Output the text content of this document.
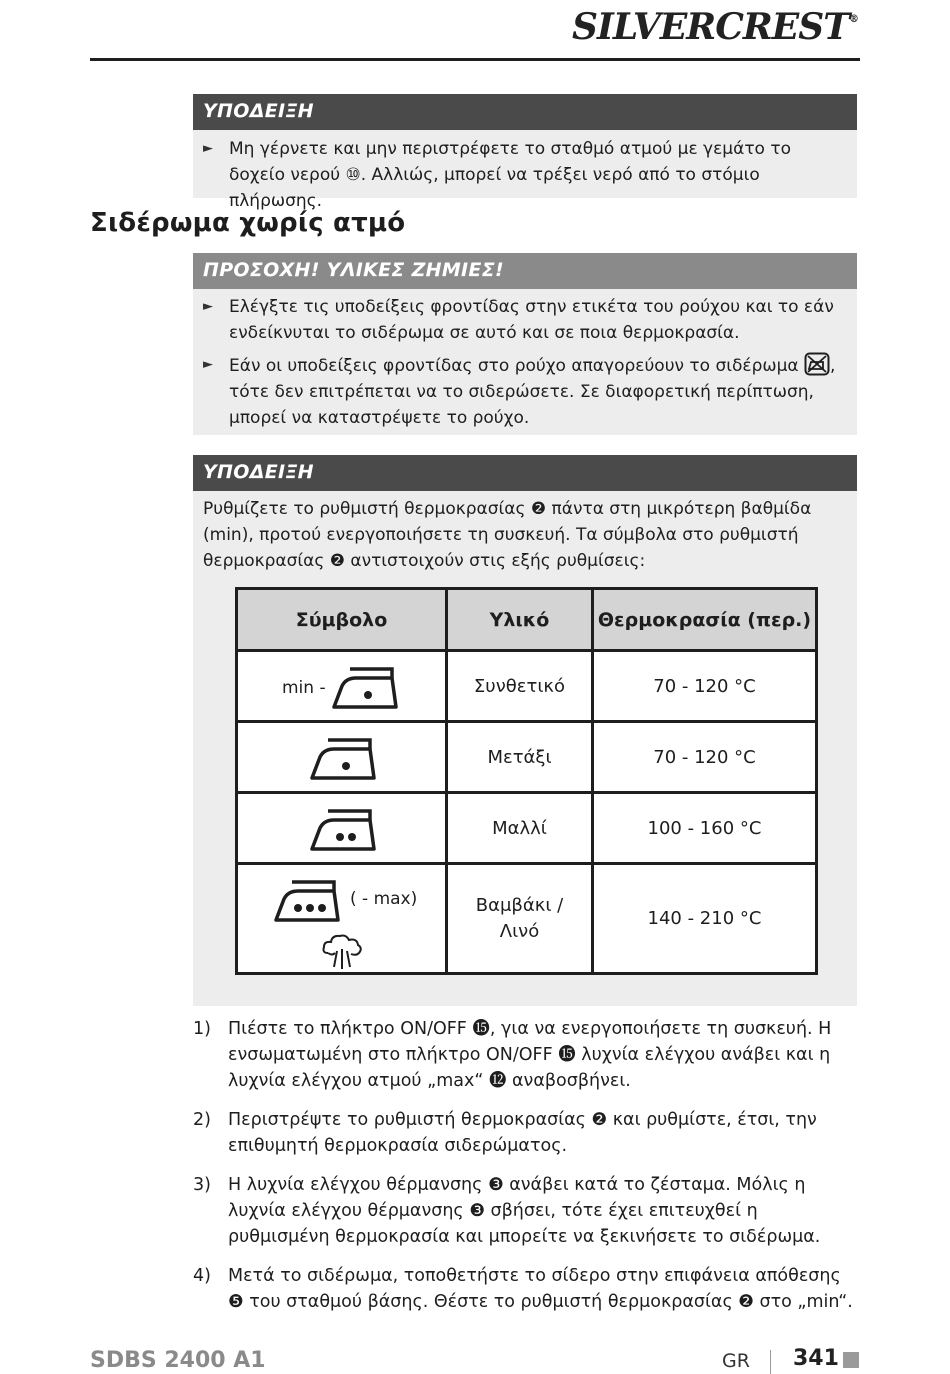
SILVERCREST®
ΥΠΟΔΕΙΞΗ
► Μη γέρνετε και μην περιστρέφετε το σταθμό ατμού με γεμάτο το δοχείο νερού ⑩. Αλλιώς, μπορεί να τρέξει νερό από το στόμιο πλήρωσης.
Σιδέρωμα χωρίς ατμό
ΠΡΟΣΟΧΗ! ΥΛΙΚΕΣ ΖΗΜΙΕΣ!
► Ελέγξτε τις υποδείξεις φροντίδας στην ετικέτα του ρούχου και το εάν ενδείκνυται το σιδέρωμα σε αυτό και σε ποια θερμοκρασία.
► Εάν οι υποδείξεις φροντίδας στο ρούχο απαγορεύουν το σιδέρωμα , τότε δεν επιτρέπεται να το σιδερώσετε. Σε διαφορετική περίπτωση, μπορεί να καταστρέψετε το ρούχο.
ΥΠΟΔΕΙΞΗ
Ρυθμίζετε το ρυθμιστή θερμοκρασίας ❷ πάντα στη μικρότερη βαθμίδα (min), προτού ενεργοποιήσετε τη συσκευή. Τα σύμβολα στο ρυθμιστή θερμοκρασίας ❷ αντιστοιχούν στις εξής ρυθμίσεις:
Σύμβολο	Υλικό	Θερμοκρασία (περ.)

min -	Συνθετικό	70 - 120 °C

	Μετάξι	70 - 120 °C

	Μαλλί	100 - 160 °C

( - max)	Βαμβάκι / Λινό	140 - 210 °C
1) Πιέστε το πλήκτρο ON/OFF ⓯, για να ενεργοποιήσετε τη συσκευή. Η ενσωματωμένη στο πλήκτρο ON/OFF ⓯ λυχνία ελέγχου ανάβει και η λυχνία ελέγχου ατμού „max“ ⓬ αναβοσβήνει.
2) Περιστρέψτε το ρυθμιστή θερμοκρασίας ❷ και ρυθμίστε, έτσι, την επιθυμητή θερμοκρασία σιδερώματος.
3) Η λυχνία ελέγχου θέρμανσης ❸ ανάβει κατά το ζέσταμα. Μόλις η λυχνία ελέγχου θέρμανσης ❸ σβήσει, τότε έχει επιτευχθεί η ρυθμισμένη θερμοκρασία και μπορείτε να ξεκινήσετε το σιδέρωμα.
4) Μετά το σιδέρωμα, τοποθετήστε το σίδερο στην επιφάνεια απόθεσης ❺ του σταθμού βάσης. Θέστε το ρυθμιστή θερμοκρασίας ❷ στο „min“.
SDBS 2400 A1	GR 341
